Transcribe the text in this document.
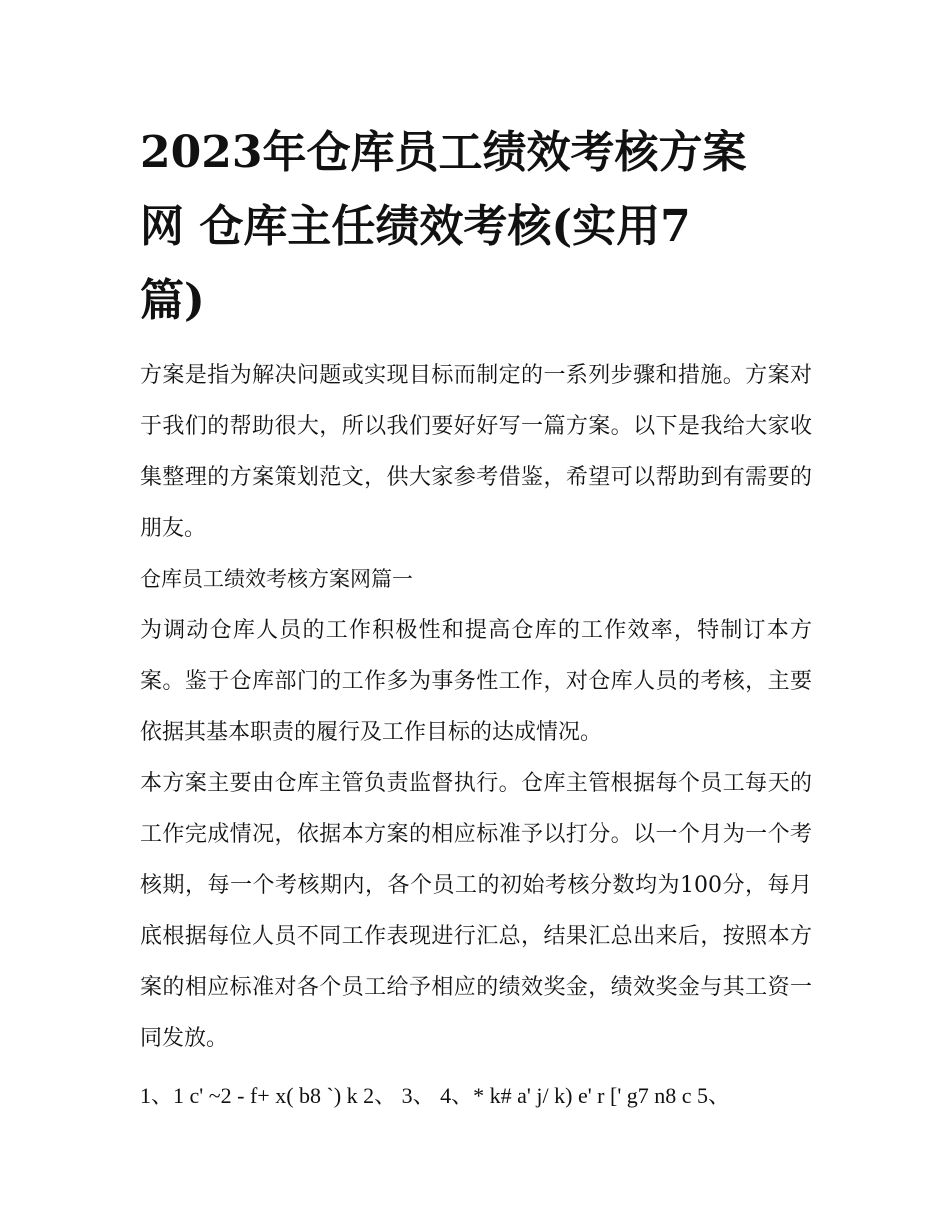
2023年仓库员工绩效考核方案
网 仓库主任绩效考核(实用7
篇)

方案是指为解决问题或实现目标而制定的一系列步骤和措施。方案对于我们的帮助很大，所以我们要好好写一篇方案。以下是我给大家收集整理的方案策划范文，供大家参考借鉴，希望可以帮助到有需要的朋友。

仓库员工绩效考核方案网篇一

为调动仓库人员的工作积极性和提高仓库的工作效率，特制订本方案。鉴于仓库部门的工作多为事务性工作，对仓库人员的考核，主要依据其基本职责的履行及工作目标的达成情况。

本方案主要由仓库主管负责监督执行。仓库主管根据每个员工每天的工作完成情况，依据本方案的相应标准予以打分。以一个月为一个考核期，每一个考核期内，各个员工的初始考核分数均为100分，每月底根据每位人员不同工作表现进行汇总，结果汇总出来后，按照本方案的相应标准对各个员工给予相应的绩效奖金，绩效奖金与其工资一同发放。

1、1 c' ~2 - f+ x( b8 `) k 2、 3、 4、* k# a' j/ k) e' r [' g7 n8 c 5、
